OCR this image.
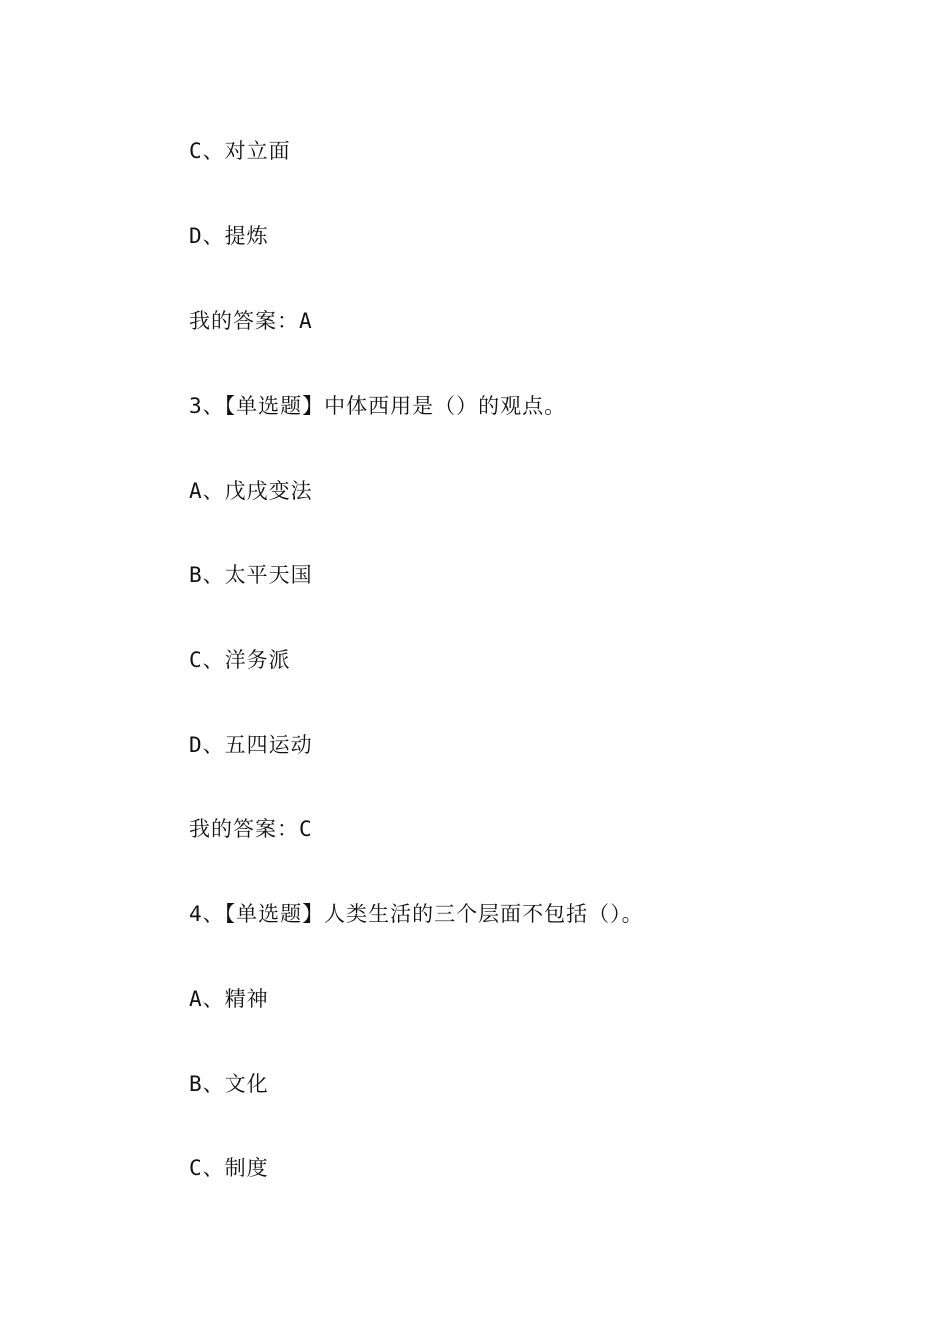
C、对立面
D、提炼
我的答案：A
3、【单选题】中体西用是（）的观点。
A、戊戌变法
B、太平天国
C、洋务派
D、五四运动
我的答案：C
4、【单选题】人类生活的三个层面不包括（）。
A、精神
B、文化
C、制度
